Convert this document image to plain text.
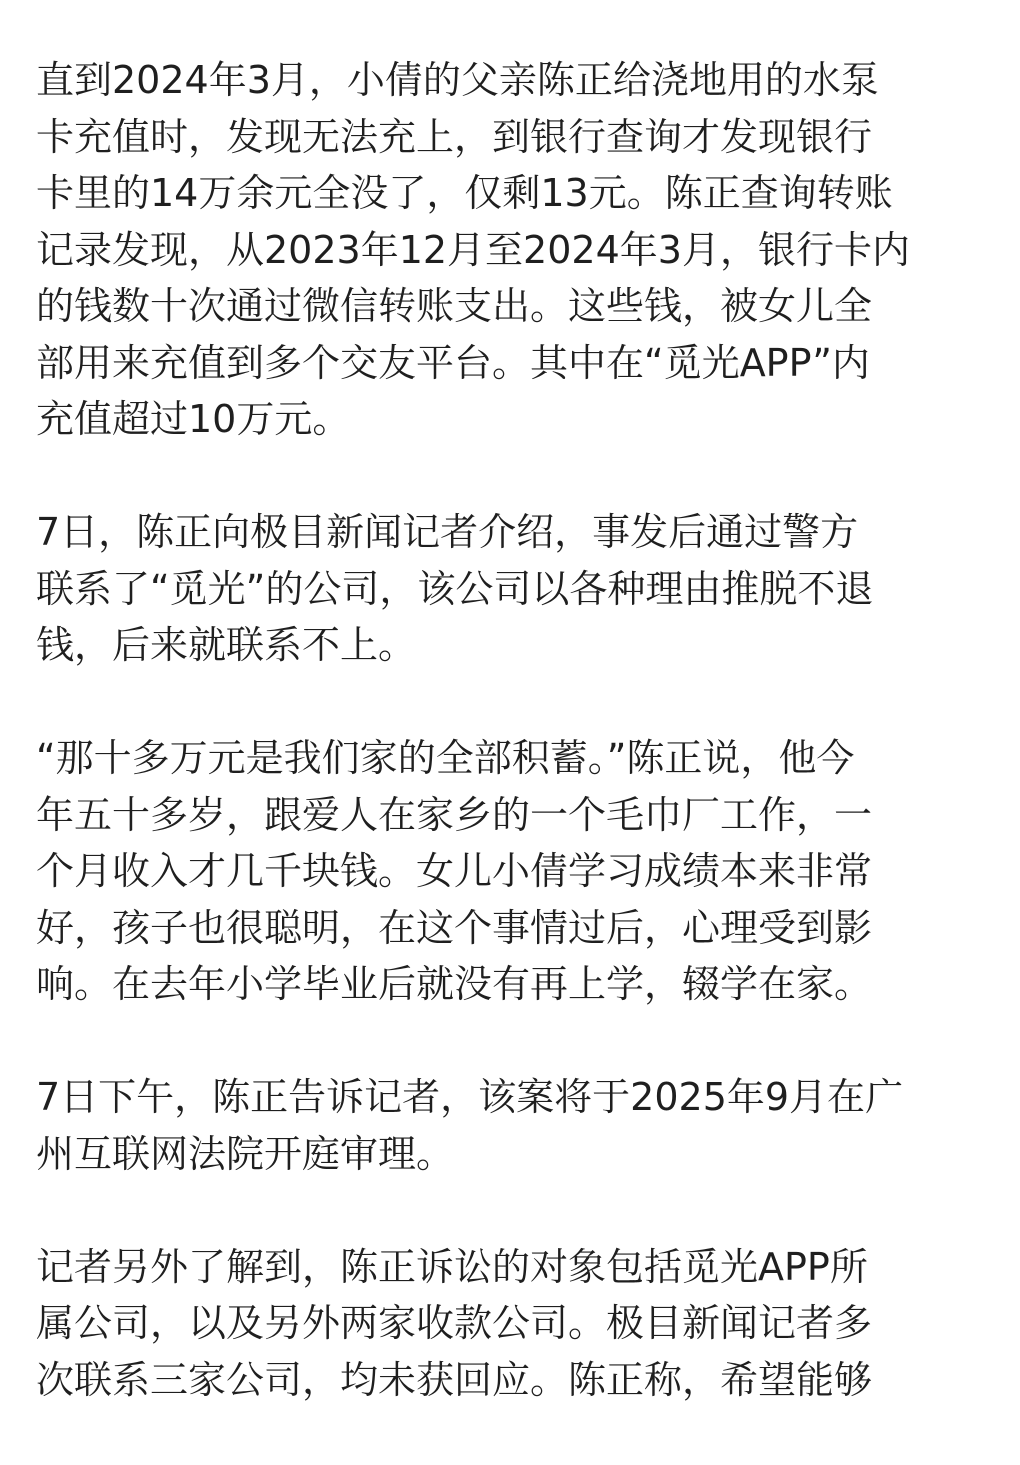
直到2024年3月，小倩的父亲陈正给浇地用的水泵
卡充值时，发现无法充上，到银行查询才发现银行
卡里的14万余元全没了，仅剩13元。陈正查询转账
记录发现，从2023年12月至2024年3月，银行卡内
的钱数十次通过微信转账支出。这些钱，被女儿全
部用来充值到多个交友平台。其中在“觅光APP”内
充值超过10万元。
7日，陈正向极目新闻记者介绍，事发后通过警方
联系了“觅光”的公司，该公司以各种理由推脱不退
钱，后来就联系不上。
“那十多万元是我们家的全部积蓄。”陈正说，他今
年五十多岁，跟爱人在家乡的一个毛巾厂工作，一
个月收入才几千块钱。女儿小倩学习成绩本来非常
好，孩子也很聪明，在这个事情过后，心理受到影
响。在去年小学毕业后就没有再上学，辍学在家。
7日下午，陈正告诉记者，该案将于2025年9月在广
州互联网法院开庭审理。
记者另外了解到，陈正诉讼的对象包括觅光APP所
属公司，以及另外两家收款公司。极目新闻记者多
次联系三家公司，均未获回应。陈正称，希望能够
